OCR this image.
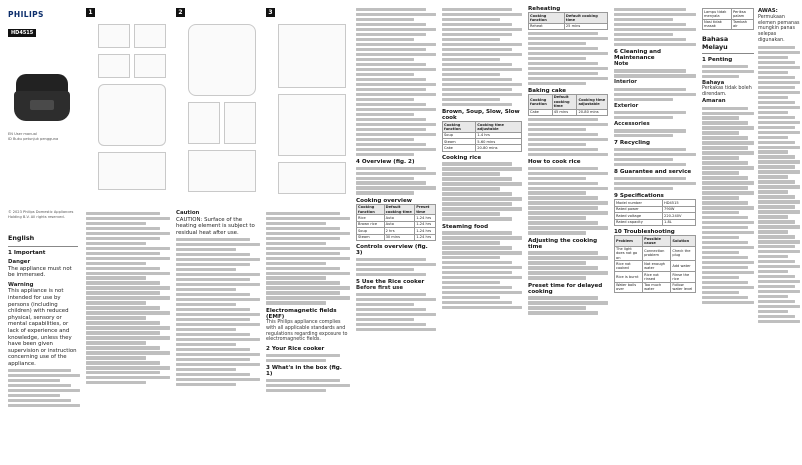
PHILIPS
HD4515
EN User manual
ID Buku petunjuk pengguna
© 2023 Philips Domestic Appliances Holding B.V. All rights reserved.
English
1 Important
Danger
The appliance must not be immersed.
Warning
This appliance is not intended for use by persons (including children) with reduced physical, sensory or mental capabilities, or lack of experience and knowledge, unless they have been given supervision or instruction concerning use of the appliance.
1	2
Caution
CAUTION: Surface of the heating element is subject to residual heat after use.
3
Electromagnetic fields (EMF)
This Philips appliance complies with all applicable standards and regulations regarding exposure to electromagnetic fields.
2 Your Rice cooker
3 What's in the box (fig. 1)
4 Overview (fig. 2)
Cooking overview
Cooking function	Default cooking time	Preset time
Rice	Auto	1-24 hrs
Brown rice	Auto	1-24 hrs
Soup	2 hrs	1-24 hrs
Steam	30 mins	1-24 hrs
Controls overview (fig. 3)
5 Use the Rice cooker
Before first use
Brown, Soup, Slow, Slow cook
Cooking function	Cooking time adjustable
Soup	1-4 hrs
Steam	5-60 mins
Cake	20-80 mins
Cooking rice
Steaming food
Reheating
Cooking function	Default cooking time
Reheat	25 mins
Baking cake
Cooking function	Default cooking time	Cooking time adjustable
Cake	45 mins	20-80 mins
How to cook rice
Adjusting the cooking time
Preset time for delayed cooking
6 Cleaning and Maintenance
Note
Interior
Exterior
Accessories
7 Recycling
8 Guarantee and service
9 Specifications
Model number	HD4515
Rated power	790W
Rated voltage	220-240V
Rated capacity	1.8L
10 Troubleshooting
Problem	Possible cause	Solution
The light does not go on	Connection problem	Check the plug
Rice not cooked	Not enough water	Add water
Rice is burnt	Rice not rinsed	Rinse the rice
Water boils over	Too much water	Follow water level
Lampu tidak menyala	Periksa palam
Nasi tidak masak	Tambah air
Bahasa Melayu
1 Penting
Bahaya
Perkakas tidak boleh direndam.
Amaran
AWAS:
Permukaan elemen pemanas mungkin panas selepas digunakan.
